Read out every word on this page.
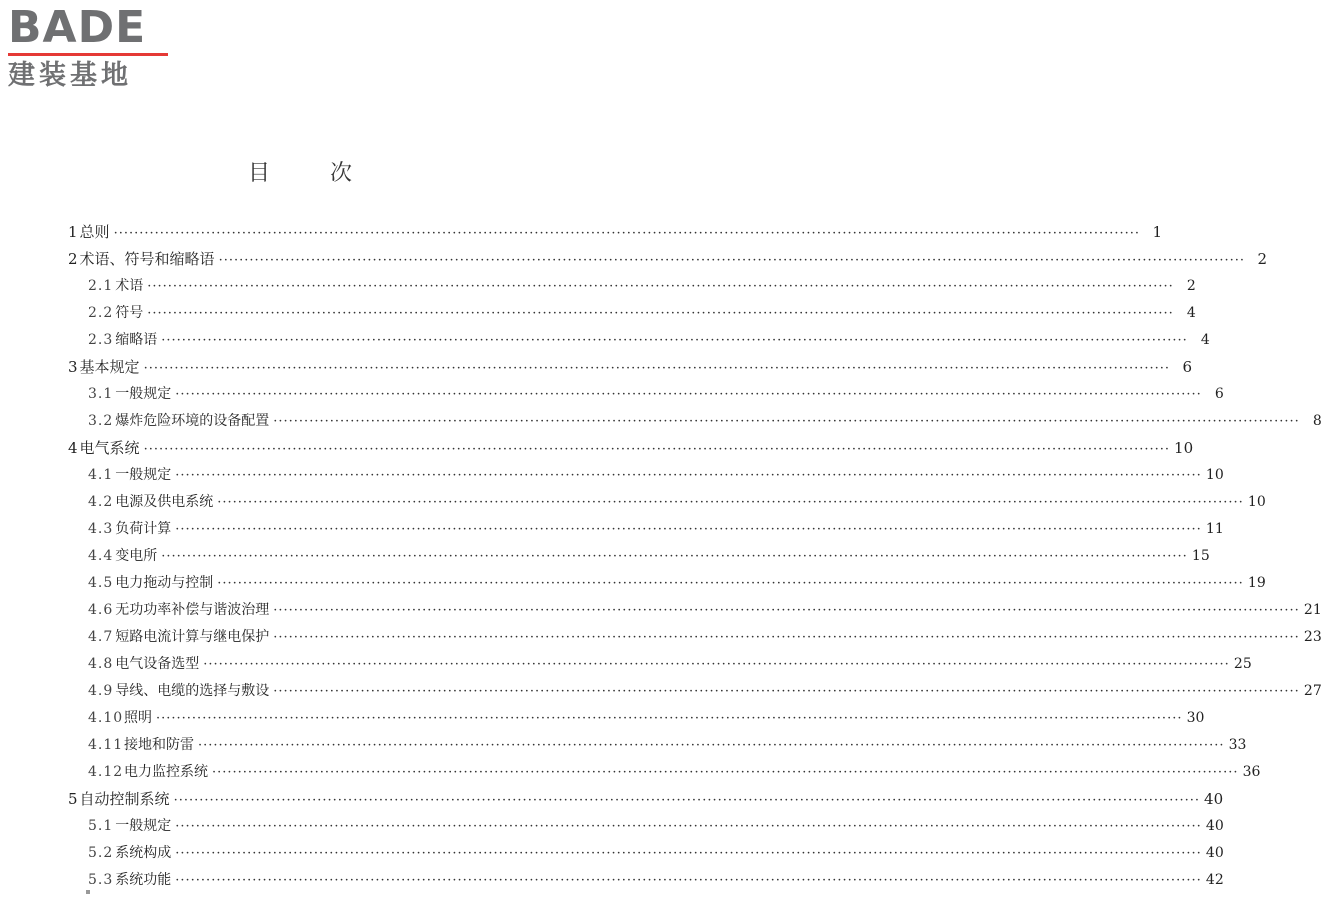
BADE
建装基地
目次
1 总则 ········································································································································································································ 1
2 术语、符号和缩略语 ········································································································································································································ 2
2.1 术语 ········································································································································································································ 2
2.2 符号 ········································································································································································································ 4
2.3 缩略语 ········································································································································································································ 4
3 基本规定 ········································································································································································································ 6
3.1 一般规定 ········································································································································································································ 6
3.2 爆炸危险环境的设备配置 ········································································································································································································ 8
4 电气系统 ········································································································································································································ 10
4.1 一般规定 ········································································································································································································ 10
4.2 电源及供电系统 ········································································································································································································ 10
4.3 负荷计算 ········································································································································································································ 11
4.4 变电所 ········································································································································································································ 15
4.5 电力拖动与控制 ········································································································································································································ 19
4.6 无功功率补偿与谐波治理 ········································································································································································································ 21
4.7 短路电流计算与继电保护 ········································································································································································································ 23
4.8 电气设备选型 ········································································································································································································ 25
4.9 导线、电缆的选择与敷设 ········································································································································································································ 27
4.10 照明 ········································································································································································································ 30
4.11 接地和防雷 ········································································································································································································ 33
4.12 电力监控系统 ········································································································································································································ 36
5 自动控制系统 ········································································································································································································ 40
5.1 一般规定 ········································································································································································································ 40
5.2 系统构成 ········································································································································································································ 40
5.3 系统功能 ········································································································································································································ 42
